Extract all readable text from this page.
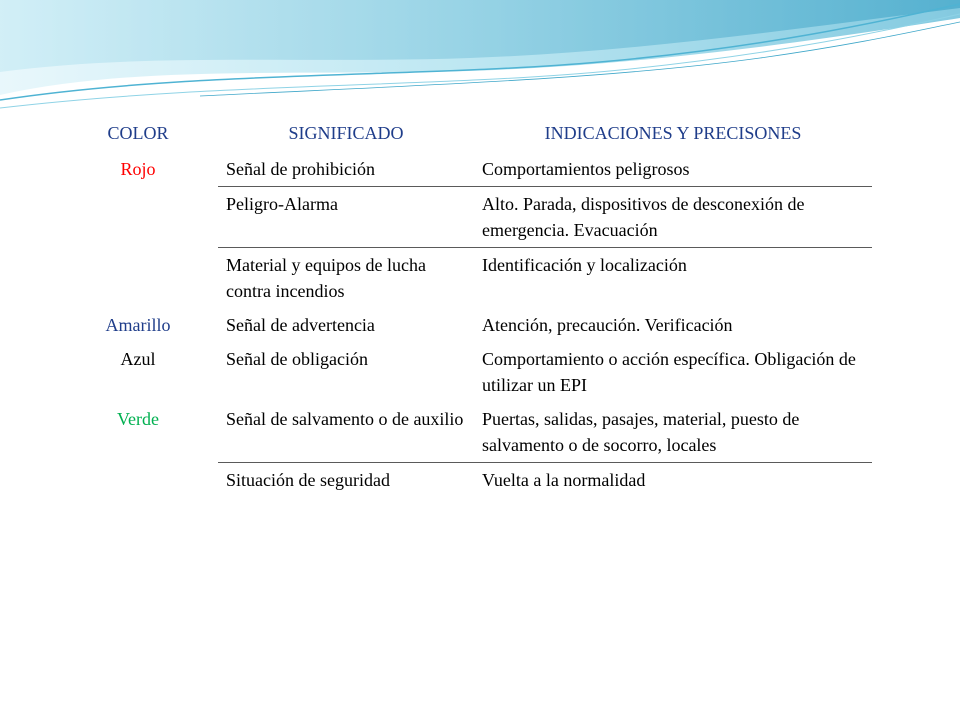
COLOR	SIGNIFICADO	INDICACIONES Y PRECISONES
Rojo	Señal de prohibición	Comportamientos peligrosos
	Peligro-Alarma	Alto. Parada, dispositivos de desconexión de emergencia. Evacuación
	Material y equipos de lucha contra incendios	Identificación y localización
Amarillo	Señal de advertencia	Atención, precaución. Verificación
Azul	Señal de obligación	Comportamiento o acción específica. Obligación de utilizar un EPI
Verde	Señal de salvamento o de auxilio	Puertas, salidas, pasajes, material, puesto de salvamento o de socorro, locales
	Situación de seguridad	Vuelta a la normalidad
